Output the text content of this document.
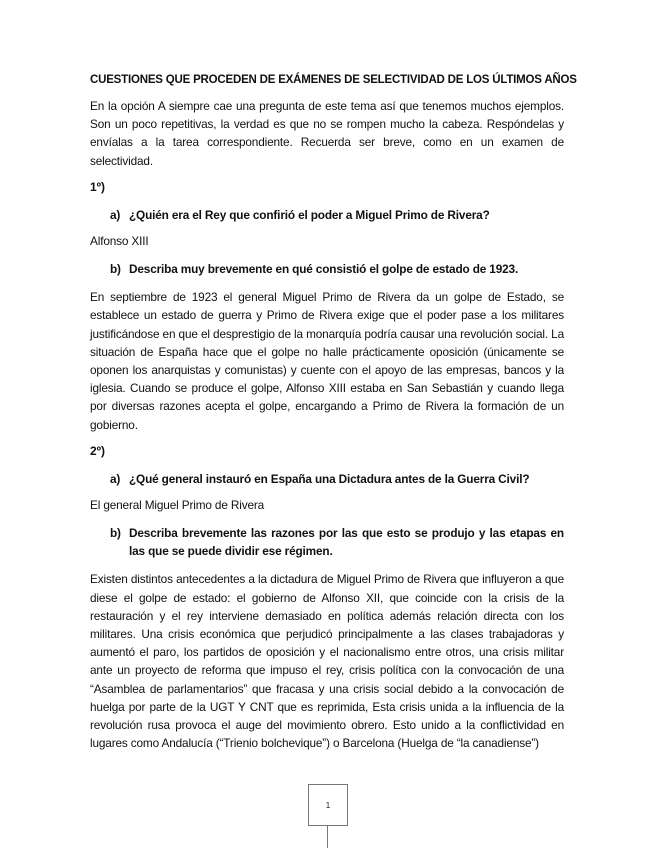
CUESTIONES QUE PROCEDEN DE EXÁMENES DE SELECTIVIDAD DE LOS ÚLTIMOS AÑOS

En la opción A siempre cae una pregunta de este tema así que tenemos muchos ejemplos. Son un poco repetitivas, la verdad es que no se rompen mucho la cabeza. Respóndelas y envíalas a la tarea correspondiente. Recuerda ser breve, como en un examen de selectividad.

1º)

a) ¿Quién era el Rey que confirió el poder a Miguel Primo de Rivera?

Alfonso XIII

b) Describa muy brevemente en qué consistió el golpe de estado de 1923.

En septiembre de 1923 el general Miguel Primo de Rivera da un golpe de Estado, se establece un estado de guerra y Primo de Rivera exige que el poder pase a los militares justificándose en que el desprestigio de la monarquía podría causar una revolución social. La situación de España hace que el golpe no halle prácticamente oposición (únicamente se oponen los anarquistas y comunistas) y cuente con el apoyo de las empresas, bancos y la iglesia. Cuando se produce el golpe, Alfonso XIII estaba en San Sebastián y cuando llega por diversas razones acepta el golpe, encargando a Primo de Rivera la formación de un gobierno.

2º)

a) ¿Qué general instauró en España una Dictadura antes de la Guerra Civil?

El general Miguel Primo de Rivera

b) Describa brevemente las razones por las que esto se produjo y las etapas en las que se puede dividir ese régimen.

Existen distintos antecedentes a la dictadura de Miguel Primo de Rivera que influyeron a que diese el golpe de estado: el gobierno de Alfonso XII, que coincide con la crisis de la restauración y el rey interviene demasiado en política además relación directa con los militares. Una crisis económica que perjudicó principalmente a las clases trabajadoras y aumentó el paro, los partidos de oposición y el nacionalismo entre otros, una crisis militar ante un proyecto de reforma que impuso el rey, crisis política con la convocación de una “Asamblea de parlamentarios” que fracasa y una crisis social debido a la convocación de huelga por parte de la UGT Y CNT que es reprimida, Esta crisis unida a la influencia de la revolución rusa provoca el auge del movimiento obrero. Esto unido a la conflictividad en lugares como Andalucía (“Trienio bolchevique”) o Barcelona (Huelga de “la canadiense”)

1
